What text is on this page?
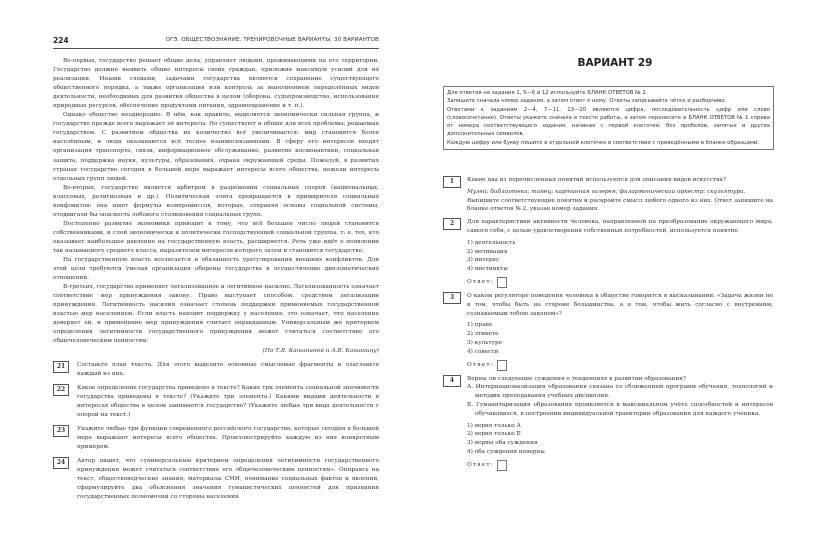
224	ОГЭ. ОБЩЕСТВОЗНАНИЕ. ТРЕНИРОВОЧНЫЕ ВАРИАНТЫ. 30 ВАРИАНТОВ

Во-первых, государство решает общие дела, управляет людьми, проживающими на его территории. Государство должно выявить общие интересы своих граждан, приложив максимум усилий для их реализации. Иными словами, задачами государства являются сохранение существующего общественного порядка, а также организация или контроль за выполнением определённых видов деятельности, необходимых для развития общества в целом (оборона, судопроизводство, использование природных ресурсов, обеспечение продуктами питания, здравоохранение и т. п.).

Однако общество неоднородно. В нём, как правило, выделяется экономически сильная группа, и государство прежде всего выражает её интересы. Но существуют и общие для всех проблемы, решаемые государством. С развитием общества их количество всё увеличивается: мир становится более населённым, и люди оказываются всё теснее взаимосвязанными. В сферу его интересов входят организация транспорта, связи, информационное обслуживание, развитие космонавтики, социальная защита, поддержка науки, культуры, образования, охрана окружающей среды. Пожалуй, в развитых странах государство сегодня в большей мере выражает интересы всего общества, нежели интересы отдельных групп людей.

Во-вторых, государство является арбитром в разрешении социальных споров (национальных, классовых, религиозных и др.). Политическая элита превращается в примирителя социальных конфликтов: она ищет формулы компромиссов, которые, сохраняя основы социальной системы, отодвигали бы опасность лобового столкновения социальных групп.

Постепенно развитие экономики приводит к тому, что всё большее число людей становится собственниками, и слой экономически и политически господствующей социальной группы, т. е. тех, кто оказывает наибольшее давление на государственную власть, расширяется. Речь уже идёт о появлении так называемого среднего класса, выразителем интересов которого затем и становится государство.

На государственную власть возлагается и обязанность урегулирования внешних конфликтов. Для этой цели требуются умелая организация обороны государства и осуществление дипломатических отношений.

В-третьих, государство применяет легализованное и легитимное насилие. Легализованность означает соответствие мер принуждения закону. Право выступает способом, средством легализации принуждения. Легитимность насилия означает степень поддержки применяемых государственной властью мер населением. Если власть находит поддержку у населения, это означает, что население доверяет ей, и применение мер принуждения считает оправданным. Универсальным же критерием определения легитимности государственного принуждения может считаться соответствие его общечеловеческим ценностям.

(По Т.В. Кашаниной и А.В. Кашанину)
21	Составьте план текста. Для этого выделите основные смысловые фрагменты и озаглавьте каждый из них.
22	Какое определение государства приведено в тексте? Какие три элемента социальной значимости государства приведены в тексте? (Укажите три элемента.) Какими видами деятельности в интересах общества в целом занимается государство? (Укажите любые три вида деятельности с опорой на текст.)
23	Укажите любые три функции современного российского государства, которые сегодня в большей мере выражают интересы всего общества. Проиллюстрируйте каждую из них конкретным примером.
24	Автор пишет, что «универсальным критерием определения легитимности государственного принуждения может считаться соответствие его общечеловеческим ценностям». Опираясь на текст, обществоведческие знания, материалы СМИ, понимание социальных фактов и явлений, сформулируйте два объяснения значения гуманистических ценностей для признания государственных полномочий со стороны населения.
ВАРИАНТ 29

Для ответов на задания 1, 5—6 и 12 используйте БЛАНК ОТВЕТОВ № 2.

Запишите сначала номер задания, а затем ответ к нему. Ответы записывайте чётко и разборчиво.

Ответами к заданиям 2—4, 7—11, 13—20 являются цифра, последовательность цифр или слово (словосочетание). Ответы укажите сначала в тексте работы, а затем перенесите в БЛАНК ОТВЕТОВ № 1 справа от номера соответствующего задания, начиная с первой клеточки, без пробелов, запятых и других дополнительных символов.

Каждую цифру или букву пишите в отдельной клеточке в соответствии с приведёнными в бланке образцами.

1	Какие два из перечисленных понятий используются для описания видов искусства?
Музей; библиотека; танец; картинная галерея; филармонический оркестр; скульптура.
Выпишите соответствующие понятия и раскройте смысл любого одного из них. Ответ запишите на бланке ответов № 2, указав номер задания.
2	Для характеристики активности человека, направленной на преобразование окружающего мира, самого себя, с целью удовлетворения собственных потребностей, используется понятие
1) деятельность
2) мотивация
3) интерес
4) инстинкты
Ответ:
3	О каком регуляторе поведения человека в обществе говорится в высказывании: «Задача жизни не в том, чтобы быть на стороне большинства, а в том, чтобы жить согласно с внутренним, сознаваемым тобою законом»?
1) праве
2) этикете
3) культуре
4) совести
Ответ:
4	Верны ли следующие суждения о тенденциях в развитии образования?
А. Интернационализация образования связана со сближением программ обучения, технологий и методик преподавания учебных дисциплин.
Б. Гуманитаризация образования проявляется в максимальном учёте способностей и интересов обучающихся, в построении индивидуальной траектории образования для каждого ученика.
1) верно только А
2) верно только Б
3) верны оба суждения
4) оба суждения неверны
Ответ:
